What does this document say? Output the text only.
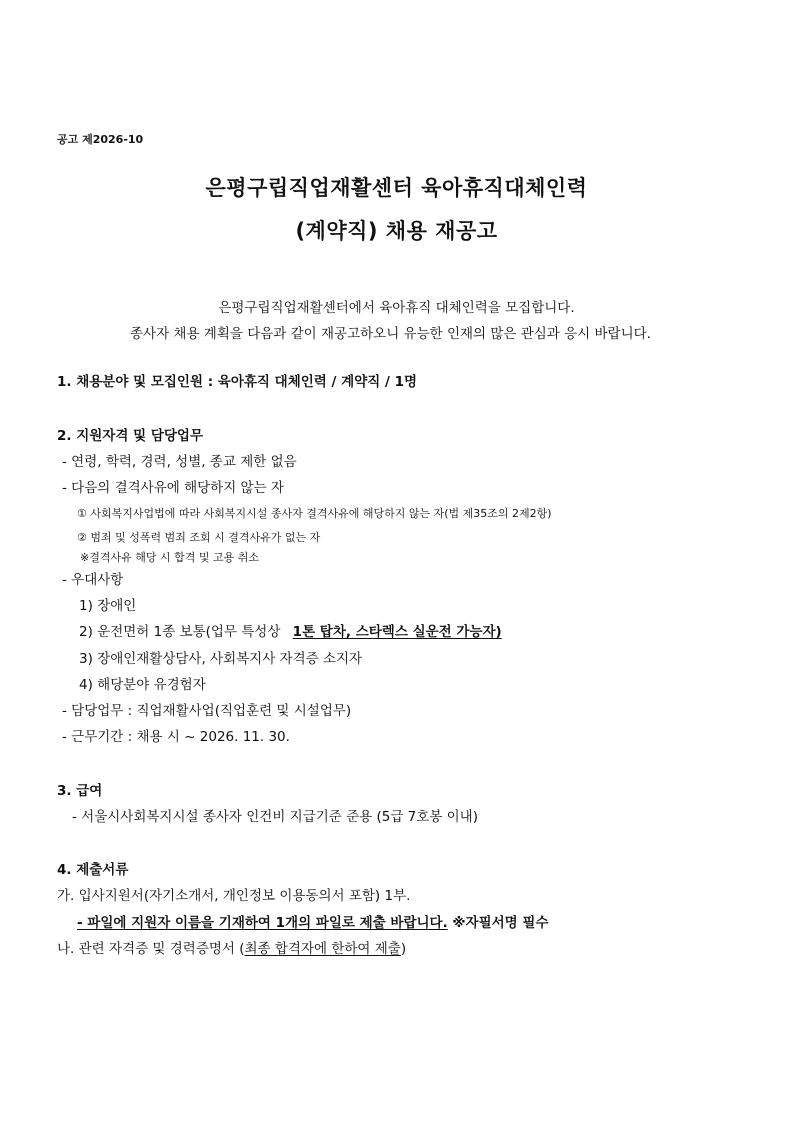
공고 제2026-10
은평구립직업재활센터 육아휴직대체인력
(계약직) 채용 재공고
은평구립직업재활센터에서 육아휴직 대체인력을 모집합니다.
종사자 채용 계획을 다음과 같이 재공고하오니 유능한 인재의 많은 관심과 응시 바랍니다.
1. 채용분야 및 모집인원 : 육아휴직 대체인력 / 계약직 / 1명
2. 지원자격 및 담당업무
- 연령, 학력, 경력, 성별, 종교 제한 없음
- 다음의 결격사유에 해당하지 않는 자
① 사회복지사업법에 따라 사회복지시설 종사자 결격사유에 해당하지 않는 자(법 제35조의 2제2항)
② 범죄 및 성폭력 범죄 조회 시 결격사유가 없는 자
※결격사유 해당 시 합격 및 고용 취소
- 우대사항
1) 장애인
2) 운전면허 1종 보통(업무 특성상 1톤 탑차, 스타렉스 실운전 가능자)
3) 장애인재활상담사, 사회복지사 자격증 소지자
4) 해당분야 유경험자
- 담당업무 : 직업재활사업(직업훈련 및 시설업무)
- 근무기간 : 채용 시 ~ 2026. 11. 30.
3. 급여
- 서울시사회복지시설 종사자 인건비 지급기준 준용 (5급 7호봉 이내)
4. 제출서류
가. 입사지원서(자기소개서, 개인정보 이용동의서 포함) 1부.
- 파일에 지원자 이름을 기재하여 1개의 파일로 제출 바랍니다. ※자필서명 필수
나. 관련 자격증 및 경력증명서 (최종 합격자에 한하여 제출)
